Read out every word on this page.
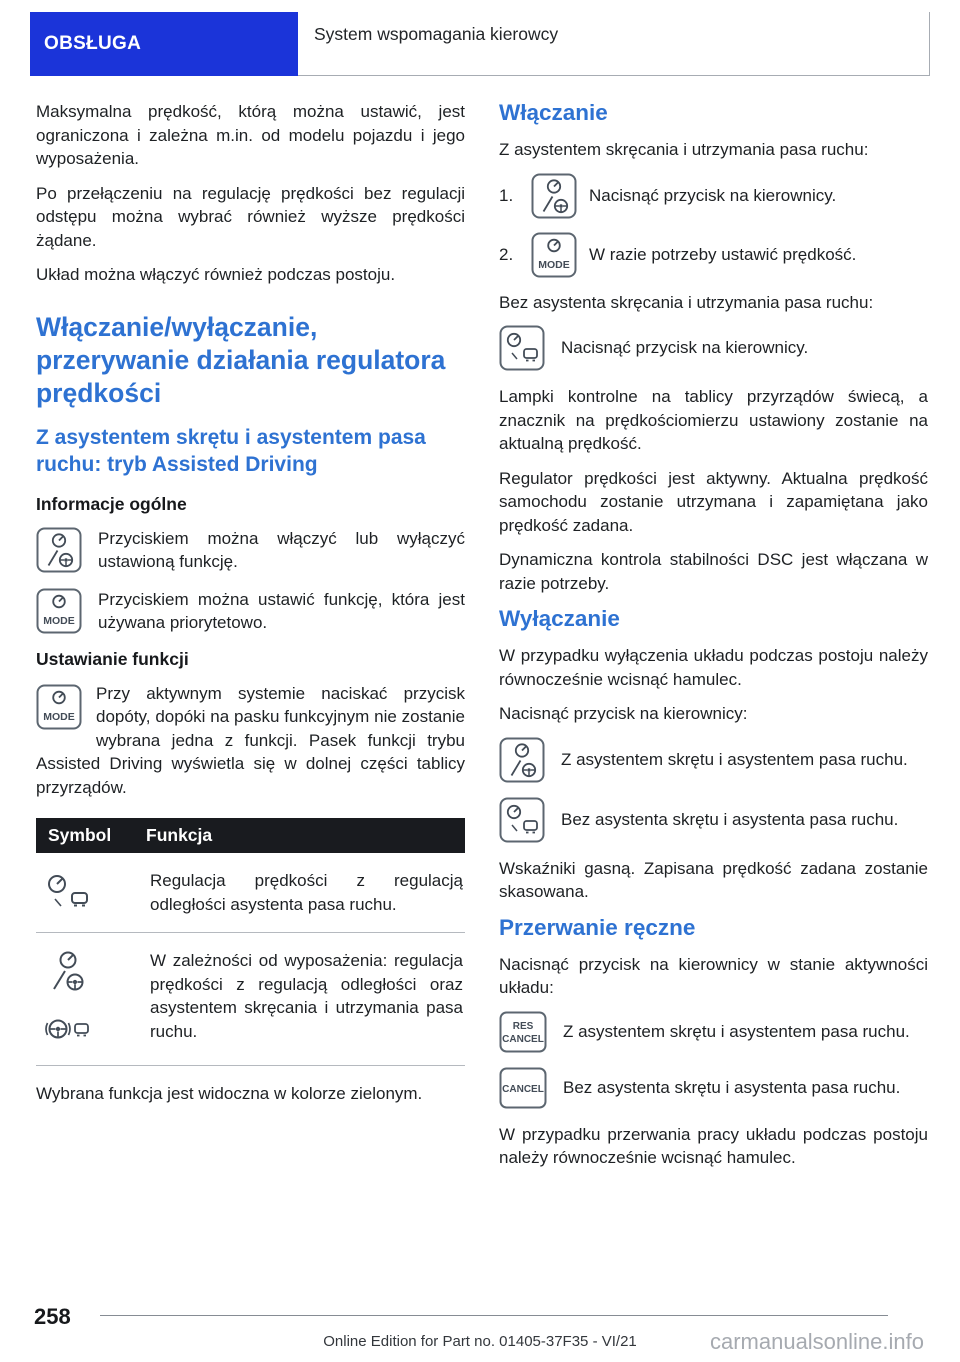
OBSŁUGA	System wspomagania kierowcy

Maksymalna prędkość, którą można ustawić, jest ograniczona i zależna m.in. od modelu pojazdu i jego wyposażenia.

Po przełączeniu na regulację prędkości bez regulacji odstępu można wybrać również wyższe prędkości żądane.

Układ można włączyć również podczas postoju.

Włączanie/wyłączanie, przerywanie działania regulatora prędkości
Z asystentem skrętu i asystentem pasa ruchu: tryb Assisted Driving
Informacje ogólne
Przyciskiem można włączyć lub wyłączyć ustawioną funkcję.
MODE
Przyciskiem można ustawić funkcję, która jest używana priorytetowo.
Ustawianie funkcji
MODE

Przy aktywnym systemie naciskać przycisk dopóty, dopóki na pasku funkcyjnym nie zostanie wybrana jedna z funkcji. Pasek funkcji trybu Assisted Driving wyświetla się w dolnej części tablicy przyrządów.

Symbol	Funkcja
Regulacja prędkości z regulacją odległości asystenta pasa ruchu.
W zależności od wyposażenia: regulacja prędkości z regulacją odległości oraz asystentem skręcania i utrzymania pasa ruchu.

Wybrana funkcja jest widoczna w kolorze zielonym.

Włączanie

Z asystentem skręcania i utrzymania pasa ruchu:

1.	Nacisnąć przycisk na kierownicy.
2.
MODE
W razie potrzeby ustawić prędkość.

Bez asystenta skręcania i utrzymania pasa ruchu:

Nacisnąć przycisk na kierownicy.

Lampki kontrolne na tablicy przyrządów świecą, a znacznik na prędkościomierzu ustawiony zostanie na aktualną prędkość.

Regulator prędkości jest aktywny. Aktualna prędkość samochodu zostanie utrzymana i zapamiętana jako prędkość zadana.

Dynamiczna kontrola stabilności DSC jest włączana w razie potrzeby.

Wyłączanie

W przypadku wyłączenia układu podczas postoju należy równocześnie wcisnąć hamulec.

Nacisnąć przycisk na kierownicy:

Z asystentem skrętu i asystentem pasa ruchu.
Bez asystenta skrętu i asystenta pasa ruchu.

Wskaźniki gasną. Zapisana prędkość zadana zostanie skasowana.

Przerwanie ręczne

Nacisnąć przycisk na kierownicy w stanie aktywności układu:

RES
CANCEL Z asystentem skrętu i asystentem pasa ruchu.
CANCEL Bez asystenta skrętu i asystenta pasa ruchu.

W przypadku przerwania pracy układu podczas postoju należy równocześnie wcisnąć hamulec.

258
Online Edition for Part no. 01405-37F35 - VI/21	carmanualsonline.info
